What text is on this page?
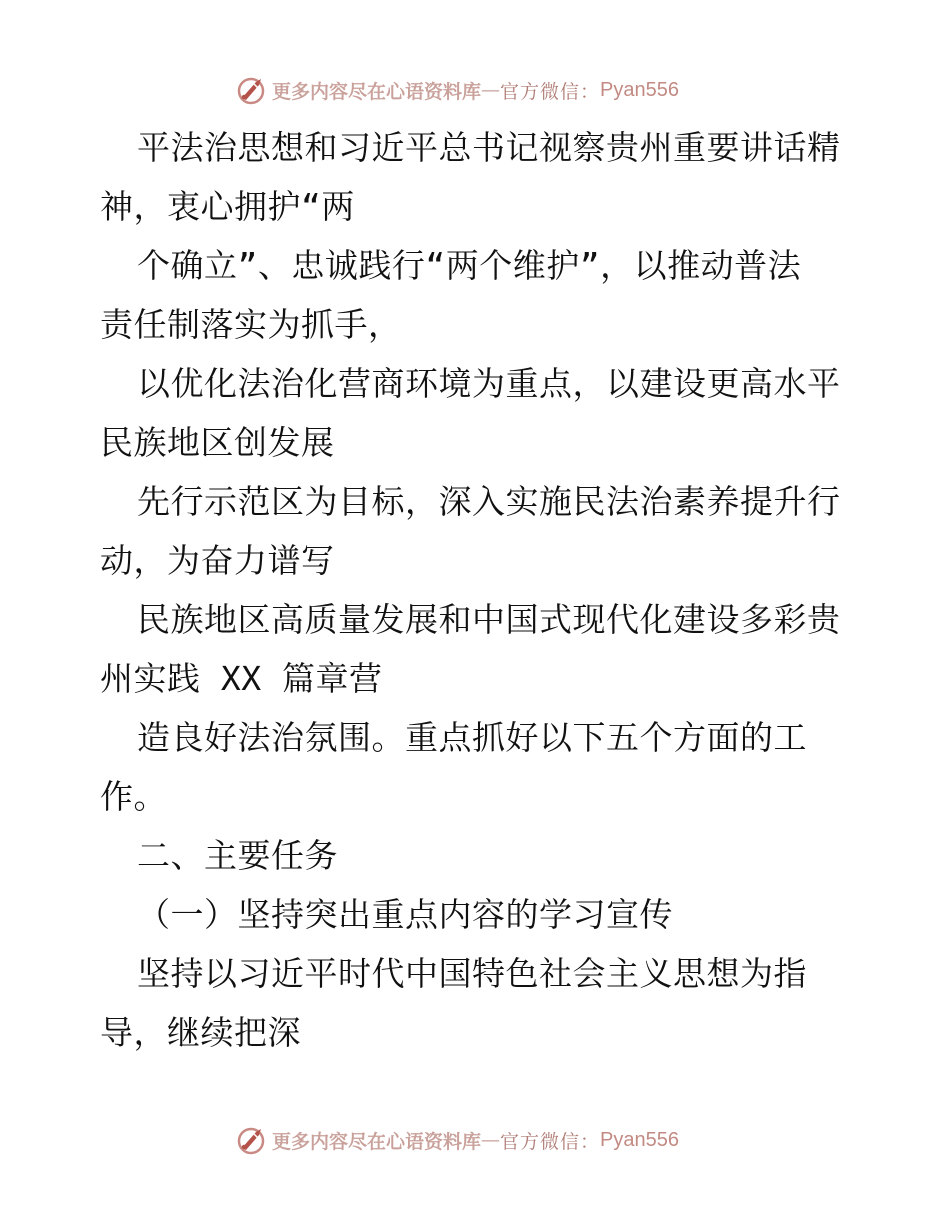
更多内容尽在心语资料库 — 官方微信： Pyan556

平法治思想和习近平总书记视察贵州重要讲话精
神，衷心拥护“两

个确立”、忠诚践行“两个维护”，以推动普法
责任制落实为抓手，

以优化法治化营商环境为重点，以建设更高水平
民族地区创发展

先行示范区为目标，深入实施民法治素养提升行
动，为奋力谱写

民族地区高质量发展和中国式现代化建设多彩贵
州实践 XX 篇章营

造良好法治氛围。重点抓好以下五个方面的工
作。

二、主要任务

（一）坚持突出重点内容的学习宣传

坚持以习近平时代中国特色社会主义思想为指
导，继续把深

更多内容尽在心语资料库 — 官方微信： Pyan556
